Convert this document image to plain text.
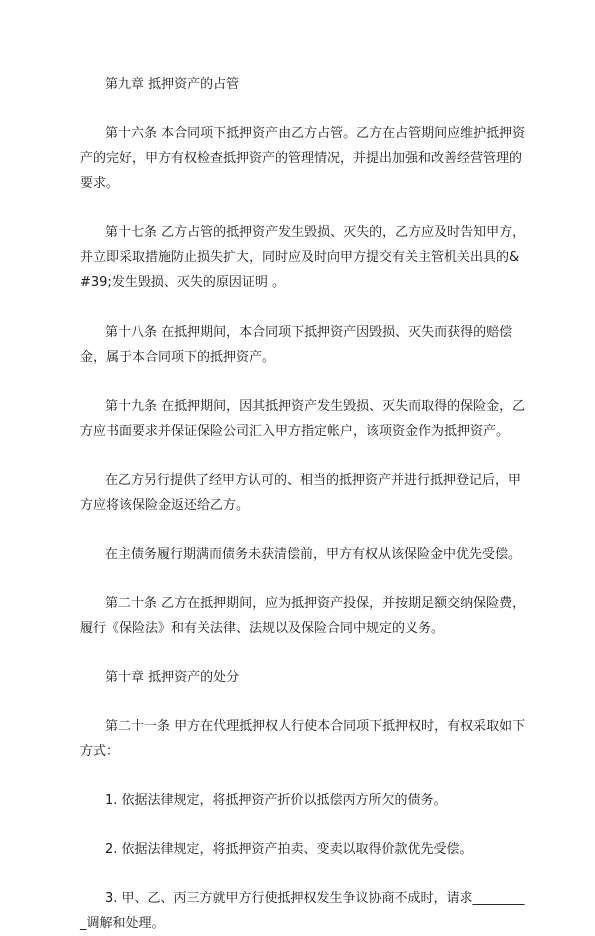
第九章 抵押资产的占管

第十六条 本合同项下抵押资产由乙方占管。乙方在占管期间应维护抵押资产的完好，甲方有权检查抵押资产的管理情况，并提出加强和改善经营管理的要求。

第十七条 乙方占管的抵押资产发生毁损、灭失的，乙方应及时告知甲方，并立即采取措施防止损失扩大，同时应及时向甲方提交有关主管机关出具的&#39;发生毁损、灭失的原因证明 。

第十八条 在抵押期间，本合同项下抵押资产因毁损、灭失而获得的赔偿金，属于本合同项下的抵押资产。

第十九条 在抵押期间，因其抵押资产发生毁损、灭失而取得的保险金，乙方应书面要求并保证保险公司汇入甲方指定帐户，该项资金作为抵押资产。

在乙方另行提供了经甲方认可的、相当的抵押资产并进行抵押登记后，甲方应将该保险金返还给乙方。

在主债务履行期满而债务未获清偿前，甲方有权从该保险金中优先受偿。

第二十条 乙方在抵押期间，应为抵押资产投保，并按期足额交纳保险费，履行《保险法》和有关法律、法规以及保险合同中规定的义务。

第十章 抵押资产的处分

第二十一条 甲方在代理抵押权人行使本合同项下抵押权时，有权采取如下方式：

1. 依据法律规定，将抵押资产折价以抵偿丙方所欠的债务。

2. 依据法律规定，将抵押资产拍卖、变卖以取得价款优先受偿。

3. 甲、乙、丙三方就甲方行使抵押权发生争议协商不成时，请求_________调解和处理。
